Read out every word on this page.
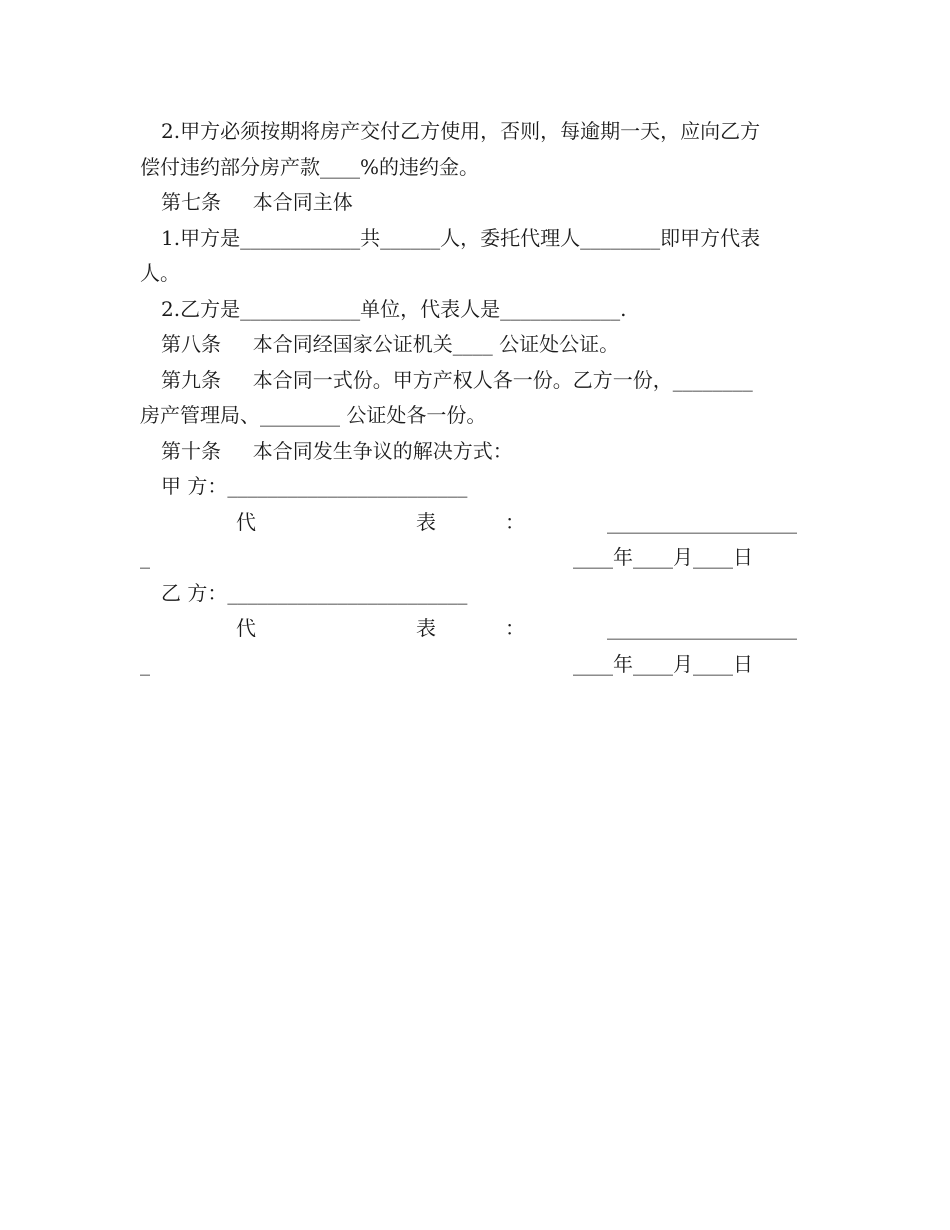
2.甲方必须按期将房产交付乙方使用，否则，每逾期一天，应向乙方
偿付违约部分房产款____%的违约金。
第七条     本合同主体
1.甲方是____________共______人，委托代理人________即甲方代表
人。
2.乙方是____________单位，代表人是____________.
第八条     本合同经国家公证机关____ 公证处公证。
第九条     本合同一式份。甲方产权人各一份。乙方一份，________
房产管理局、________ 公证处各一份。
第十条     本合同发生争议的解决方式：
甲 方：________________________

代

	表

	：

	___________________

_

	____年____月____日

乙 方：________________________

代

	表

	：

	___________________

_

	____年____月____日
